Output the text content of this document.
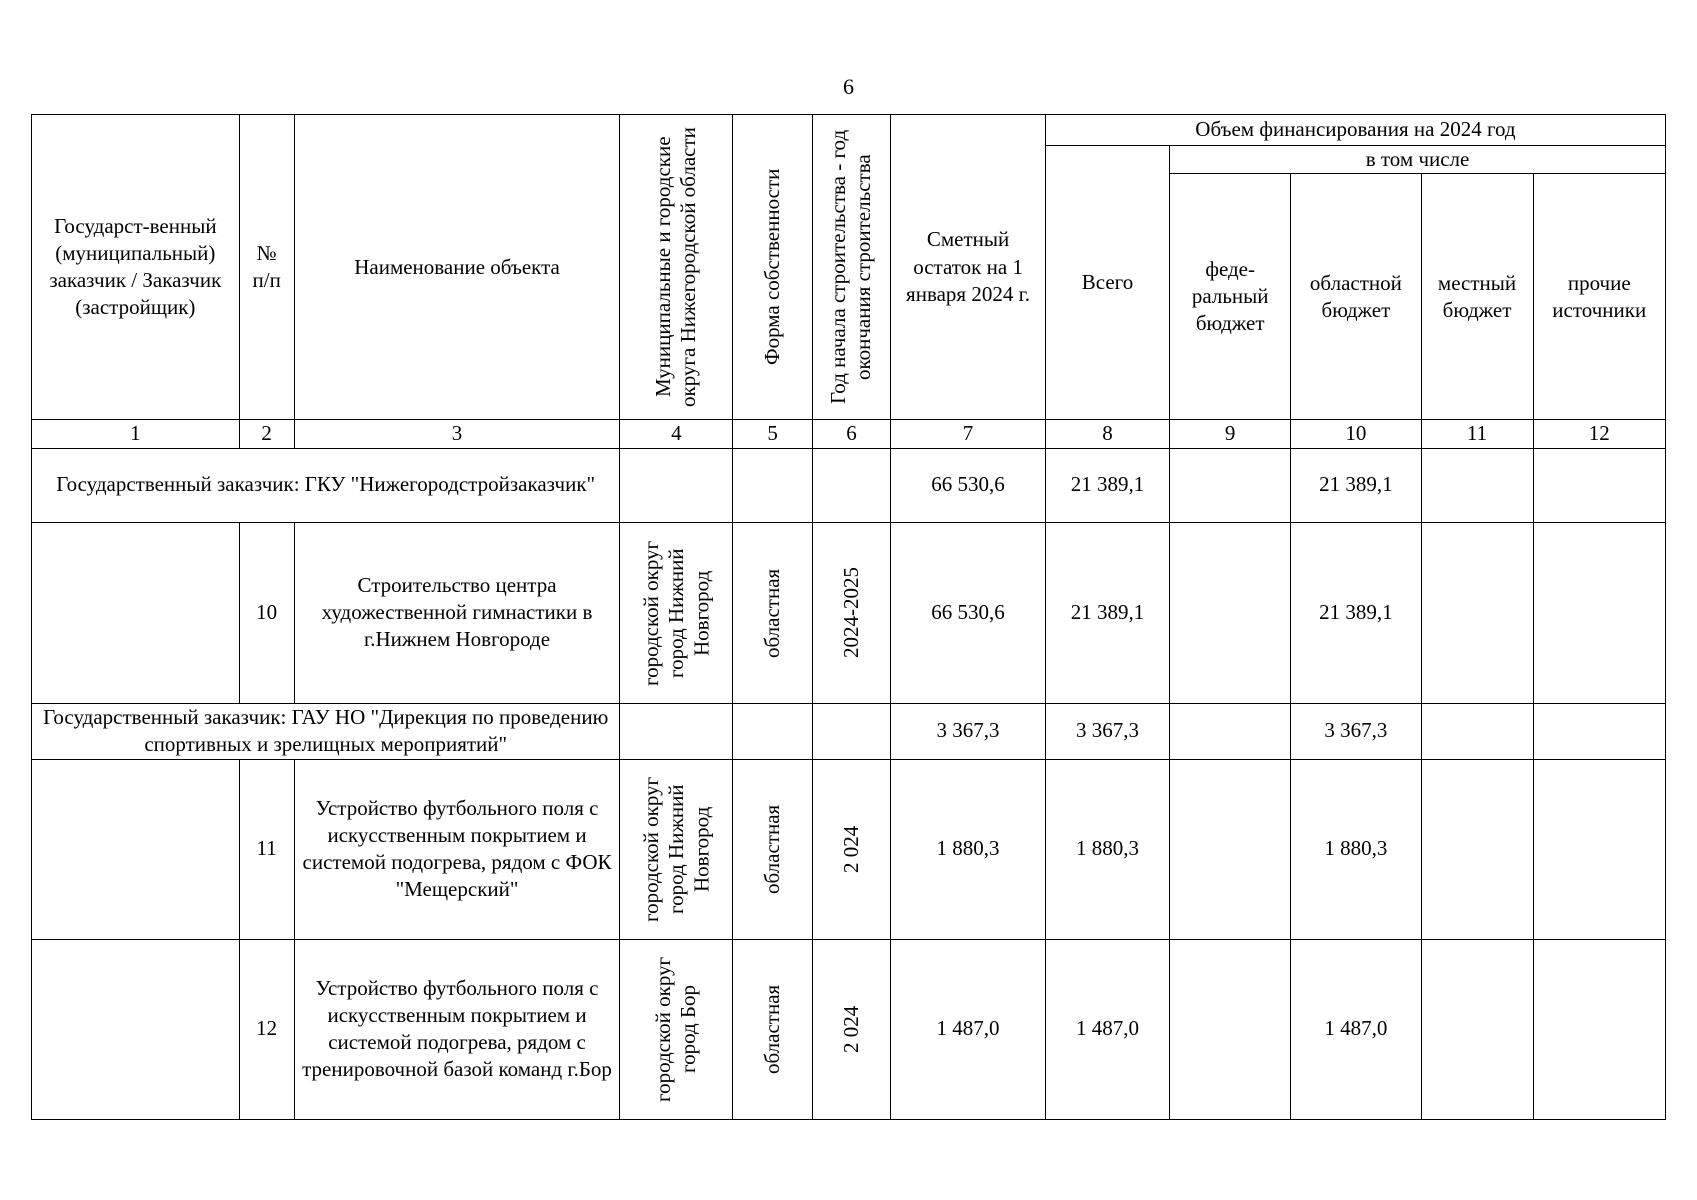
6
Государст-венный (муниципальный) заказчик / Заказчик (застройщик)	№ п/п	Наименование объекта	Муниципальные и городские округа Нижегородской области	Форма собственности	Год начала строительства - год окончания строительства	Сметный остаток на 1 января 2024 г.	Объем финансирования на 2024 год				
							Всего	в том числе			
								феде-ральный бюджет	областной бюджет	местный бюджет	прочие источники
1	2	3	4	5	6	7	8	9	10	11	12
Государственный заказчик: ГКУ "Нижегородстройзаказчик"						66 530,6	21 389,1		21 389,1		
	10	Строительство центра художественной гимнастики в г.Нижнем Новгороде	городской округ город Нижний Новгород	областная	2024-2025	66 530,6	21 389,1		21 389,1		
Государственный заказчик: ГАУ НО "Дирекция по проведению спортивных и зрелищных мероприятий"						3 367,3	3 367,3		3 367,3		
	11	Устройство футбольного поля с искусственным покрытием и системой подогрева, рядом с ФОК "Мещерский"	городской округ город Нижний Новгород	областная	2 024	1 880,3	1 880,3		1 880,3		
	12	Устройство футбольного поля с искусственным покрытием и системой подогрева, рядом с тренировочной базой команд г.Бор	городской округ город Бор	областная	2 024	1 487,0	1 487,0		1 487,0		
